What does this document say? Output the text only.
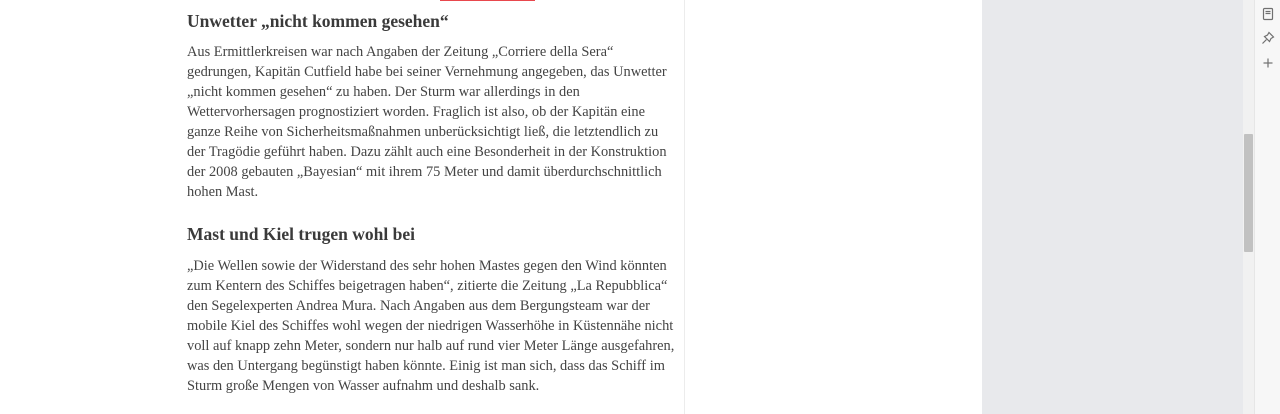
Unwetter „nicht kommen gesehen“

Aus Ermittlerkreisen war nach Angaben der Zeitung „Corriere della Sera“
gedrungen, Kapitän Cutfield habe bei seiner Vernehmung angegeben, das Unwetter
„nicht kommen gesehen“ zu haben. Der Sturm war allerdings in den
Wettervorhersagen prognostiziert worden. Fraglich ist also, ob der Kapitän eine
ganze Reihe von Sicherheitsmaßnahmen unberücksichtigt ließ, die letztendlich zu
der Tragödie geführt haben. Dazu zählt auch eine Besonderheit in der Konstruktion
der 2008 gebauten „Bayesian“ mit ihrem 75 Meter und damit überdurchschnittlich
hohen Mast.

Mast und Kiel trugen wohl bei

„Die Wellen sowie der Widerstand des sehr hohen Mastes gegen den Wind könnten
zum Kentern des Schiffes beigetragen haben“, zitierte die Zeitung „La Repubblica“
den Segelexperten Andrea Mura. Nach Angaben aus dem Bergungsteam war der
mobile Kiel des Schiffes wohl wegen der niedrigen Wasserhöhe in Küstennähe nicht
voll auf knapp zehn Meter, sondern nur halb auf rund vier Meter Länge ausgefahren,
was den Untergang begünstigt haben könnte. Einig ist man sich, dass das Schiff im
Sturm große Mengen von Wasser aufnahm und deshalb sank.
